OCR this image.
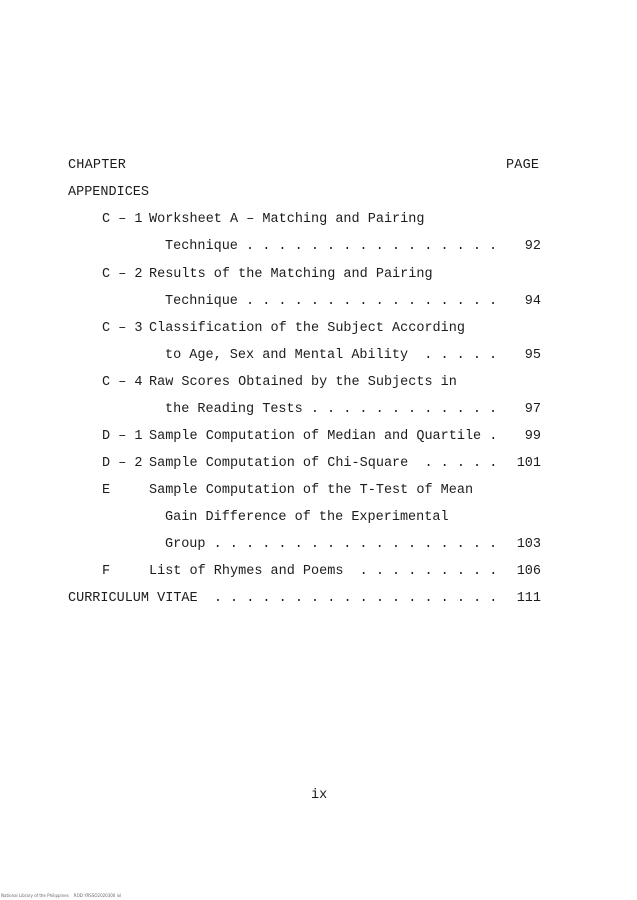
CHAPTER	PAGE
APPENDICES
C – 1 Worksheet A – Matching and Pairing
Technique . . . . . . . . . . . . . . . .	92
C – 2 Results of the Matching and Pairing
Technique . . . . . . . . . . . . . . . .	94
C – 3 Classification of the Subject According
to Age, Sex and Mental Ability  . . . . .	95
C – 4 Raw Scores Obtained by the Subjects in
the Reading Tests . . . . . . . . . . . .	97
D – 1 Sample Computation of Median and Quartile .	99
D – 2 Sample Computation of Chi-Square  . . . . .	101
E	Sample Computation of the T-Test of Mean
Gain Difference of the Experimental
Group . . . . . . . . . . . . . . . . . .	103
F	List of Rhymes and Poems  . . . . . . . . .	106
CURRICULUM VITAE  . . . . . . . . . . . . . . . . . .	111
ix
National Library of the Philippines    ROD YRSSO2020300 ixl
